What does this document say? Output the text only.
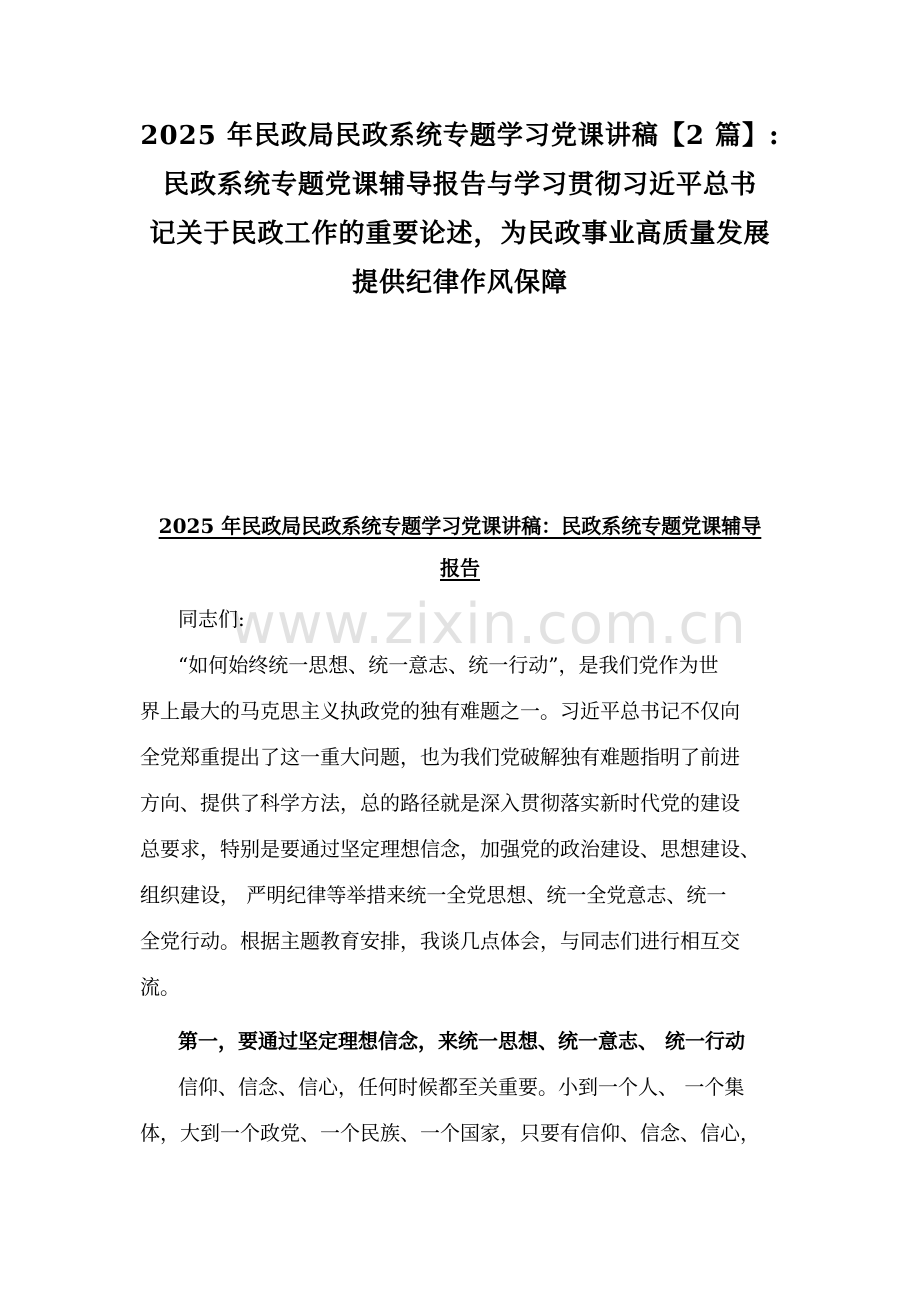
2025 年民政局民政系统专题学习党课讲稿【2 篇】:
民政系统专题党课辅导报告与学习贯彻习近平总书
记关于民政工作的重要论述，为民政事业高质量发展
提供纪律作风保障
2025 年民政局民政系统专题学习党课讲稿：民政系统专题党课辅导
报告
www.zixin.com.cn
同志们:
“如何始终统一思想、统一意志、统一行动”，是我们党作为世
界上最大的马克思主义执政党的独有难题之一。习近平总书记不仅向
全党郑重提出了这一重大问题，也为我们党破解独有难题指明了前进
方向、提供了科学方法，总的路径就是深入贯彻落实新时代党的建设
总要求，特别是要通过坚定理想信念，加强党的政治建设、思想建设、
组织建设， 严明纪律等举措来统一全党思想、统一全党意志、统一
全党行动。根据主题教育安排，我谈几点体会，与同志们进行相互交
流。
第一，要通过坚定理想信念，来统一思想、统一意志、 统一行动
信仰、信念、信心，任何时候都至关重要。小到一个人、 一个集
体，大到一个政党、一个民族、一个国家，只要有信仰、信念、信心，
